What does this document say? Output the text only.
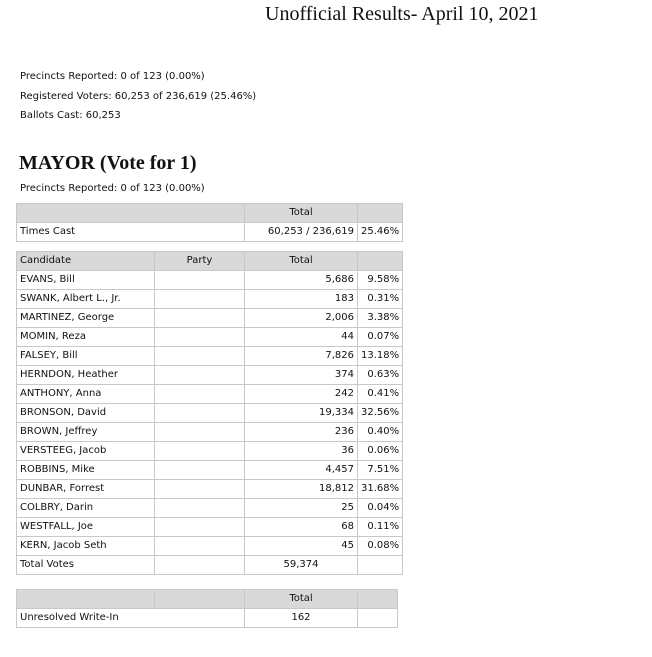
Unofficial Results- April 10, 2021
Precincts Reported: 0 of 123 (0.00%)
Registered Voters: 60,253 of 236,619 (25.46%)
Ballots Cast: 60,253
MAYOR (Vote for 1)
Precincts Reported: 0 of 123 (0.00%)
	Total	
Times Cast	60,253 / 236,619	25.46%
Candidate	Party	Total	
EVANS, Bill		5,686	9.58%
SWANK, Albert L., Jr.		183	0.31%
MARTINEZ, George		2,006	3.38%
MOMIN, Reza		44	0.07%
FALSEY, Bill		7,826	13.18%
HERNDON, Heather		374	0.63%
ANTHONY, Anna		242	0.41%
BRONSON, David		19,334	32.56%
BROWN, Jeffrey		236	0.40%
VERSTEEG, Jacob		36	0.06%
ROBBINS, Mike		4,457	7.51%
DUNBAR, Forrest		18,812	31.68%
COLBRY, Darin		25	0.04%
WESTFALL, Joe		68	0.11%
KERN, Jacob Seth		45	0.08%
Total Votes		59,374	
		Total	
Unresolved Write-In		162	
